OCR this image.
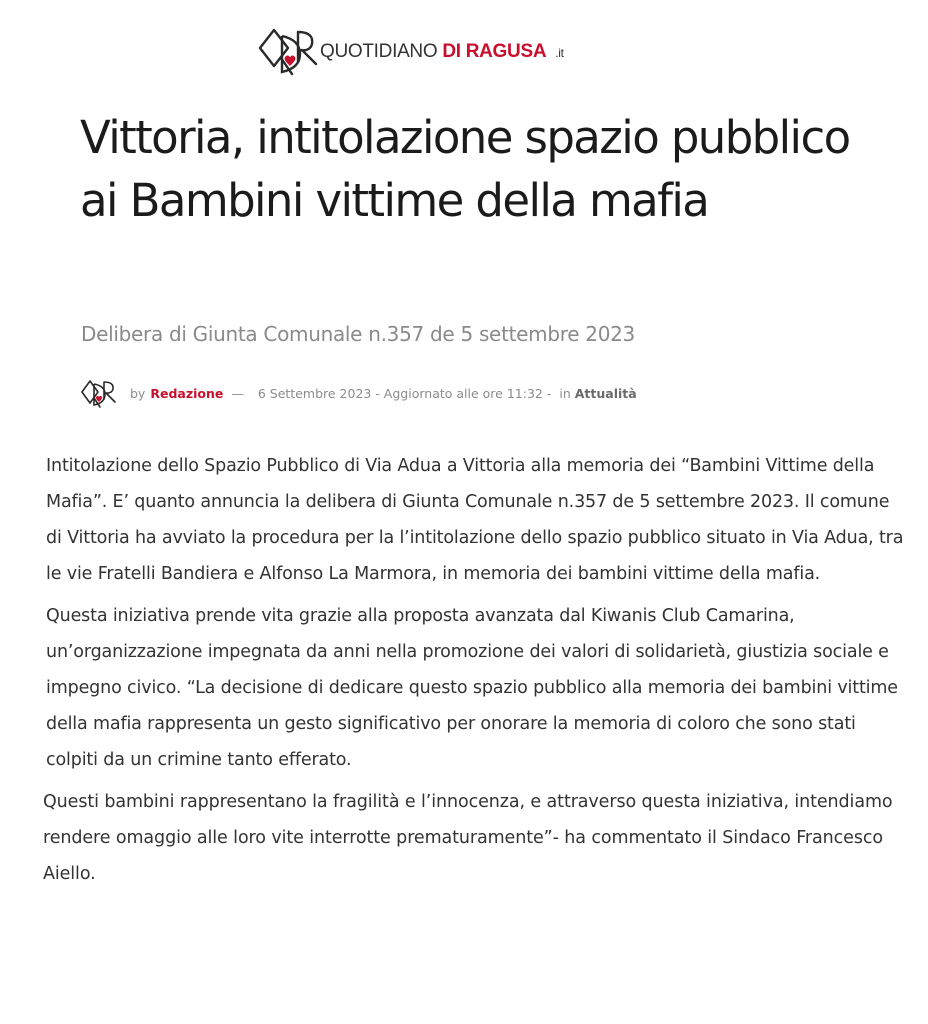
QUOTIDIANO DI RAGUSA .it
Vittoria, intitolazione spazio pubblico ai Bambini vittime della mafia
Delibera di Giunta Comunale n.357 de 5 settembre 2023
by Redazione — 6 Settembre 2023 - Aggiornato alle ore 11:32 - in Attualità

Intitolazione dello Spazio Pubblico di Via Adua a Vittoria alla memoria dei “Bambini Vittime della Mafia”. E’ quanto annuncia la delibera di Giunta Comunale n.357 de 5 settembre 2023. Il comune di Vittoria ha avviato la procedura per la l’intitolazione dello spazio pubblico situato in Via Adua, tra le vie Fratelli Bandiera e Alfonso La Marmora, in memoria dei bambini vittime della mafia.

Questa iniziativa prende vita grazie alla proposta avanzata dal Kiwanis Club Camarina, un’organizzazione impegnata da anni nella promozione dei valori di solidarietà, giustizia sociale e impegno civico. “La decisione di dedicare questo spazio pubblico alla memoria dei bambini vittime della mafia rappresenta un gesto significativo per onorare la memoria di coloro che sono stati colpiti da un crimine tanto efferato.

Questi bambini rappresentano la fragilità e l’innocenza, e attraverso questa iniziativa, intendiamo rendere omaggio alle loro vite interrotte prematuramente”- ha commentato il Sindaco Francesco Aiello.
